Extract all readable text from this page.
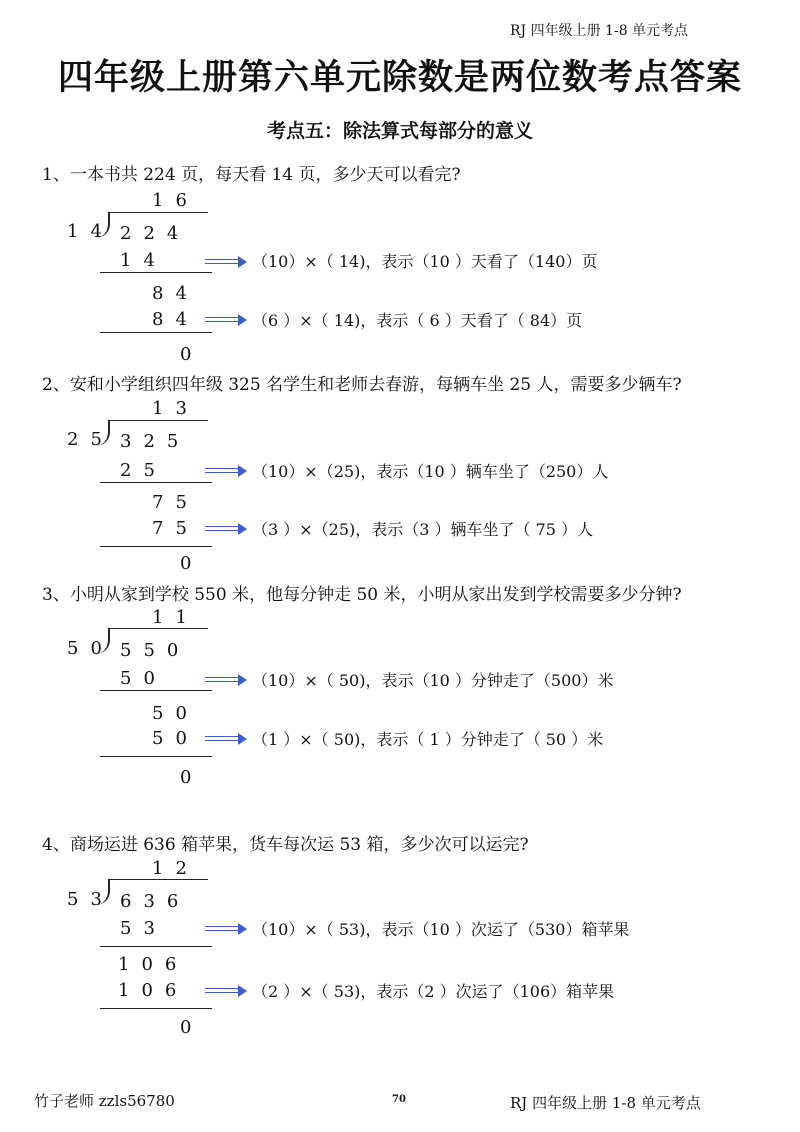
RJ 四年级上册 1-8 单元考点
四年级上册第六单元除数是两位数考点答案
考点五：除法算式每部分的意义
1、一本书共 224 页，每天看 14 页，多少天可以看完?
16
14 224
14	（10）×（ 14)，表示（10 ）天看了（140）页
84
84	（6 ）×（ 14)，表示（ 6 ）天看了（ 84）页
0
2、安和小学组织四年级 325 名学生和老师去春游，每辆车坐 25 人，需要多少辆车?
13
25 325
25	（10）×（25)，表示（10 ）辆车坐了（250）人
75
75	（3 ）×（25)，表示（3 ）辆车坐了（ 75 ）人
0
3、小明从家到学校 550 米，他每分钟走 50 米，小明从家出发到学校需要多少分钟?
11
50 550
50	（10）×（ 50)，表示（10 ）分钟走了（500）米
50
50	（1 ）×（ 50)，表示（ 1 ）分钟走了（ 50 ）米
0
4、商场运进 636 箱苹果，货车每次运 53 箱，多少次可以运完?
12
53 636
53	（10）×（ 53)，表示（10 ）次运了（530）箱苹果
106
106	（2 ）×（ 53)，表示（2 ）次运了（106）箱苹果
0
竹子老师 zzls56780	70	RJ 四年级上册 1-8 单元考点
